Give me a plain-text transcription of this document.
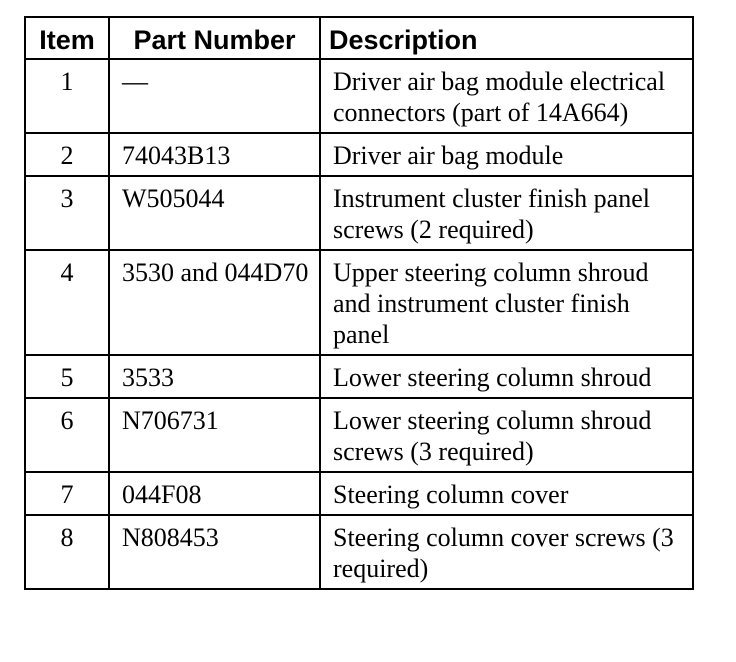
Item	Part Number	Description
1	—	Driver air bag module electrical connectors (part of 14A664)
2	74043B13	Driver air bag module
3	W505044	Instrument cluster finish panel screws (2 required)
4	3530 and 044D70	Upper steering column shroud and instrument cluster finish panel
5	3533	Lower steering column shroud
6	N706731	Lower steering column shroud screws (3 required)
7	044F08	Steering column cover
8	N808453	Steering column cover screws (3 required)
